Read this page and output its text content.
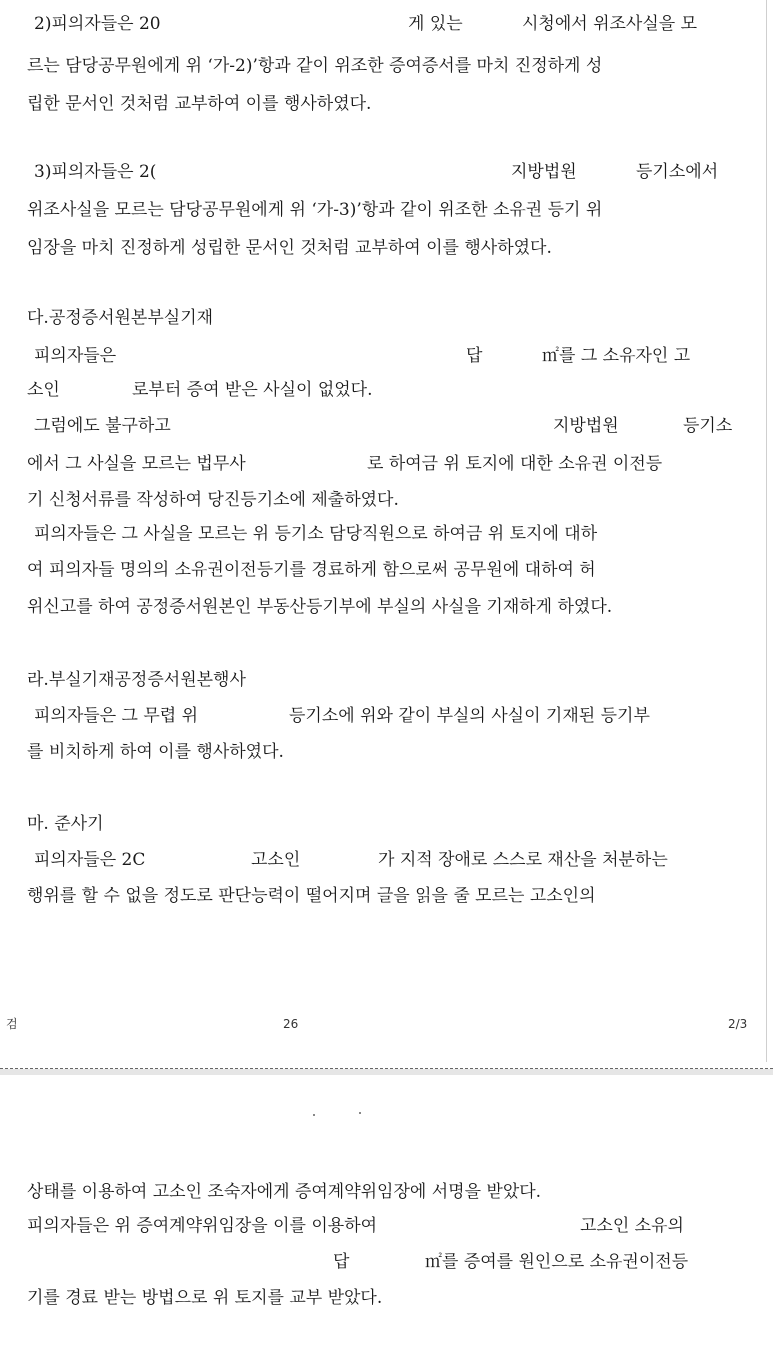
2)피의자들은 20

	게 있는

	시청에서 위조사실을 모

르는 담당공무원에게 위 ‘가-2)’항과 같이 위조한 증여증서를 마치 진정하게 성

립한 문서인 것처럼 교부하여 이를 행사하였다.

3)피의자들은 2(

	지방법원

	등기소에서

위조사실을 모르는 담당공무원에게 위 ‘가-3)’항과 같이 위조한 소유권 등기 위

임장을 마치 진정하게 성립한 문서인 것처럼 교부하여 이를 행사하였다.

다.공정증서원본부실기재

피의자들은

	답

	㎡를 그 소유자인 고

소인

	로부터 증여 받은 사실이 없었다.

그럼에도 불구하고

	지방법원

	등기소

에서 그 사실을 모르는 법무사

	로 하여금 위 토지에 대한 소유권 이전등

기 신청서류를 작성하여 당진등기소에 제출하였다.

피의자들은 그 사실을 모르는 위 등기소 담당직원으로 하여금 위 토지에 대하

여 피의자들 명의의 소유권이전등기를 경료하게 함으로써 공무원에 대하여 허

위신고를 하여 공정증서원본인 부동산등기부에 부실의 사실을 기재하게 하였다.

라.부실기재공정증서원본행사

피의자들은 그 무렵 위

	등기소에 위와 같이 부실의 사실이 기재된 등기부

를 비치하게 하여 이를 행사하였다.

마. 준사기

피의자들은 2C

	고소인

	가 지적 장애로 스스로 재산을 처분하는

행위를 할 수 없을 정도로 판단능력이 떨어지며 글을 읽을 줄 모르는 고소인의

검	26	2/3

상태를 이용하여 고소인 조숙자에게 증여계약위임장에 서명을 받았다.

피의자들은 위 증여계약위임장을 이를 이용하여

	고소인 소유의

답

	㎡를 증여를 원인으로 소유권이전등

기를 경료 받는 방법으로 위 토지를 교부 받았다.
